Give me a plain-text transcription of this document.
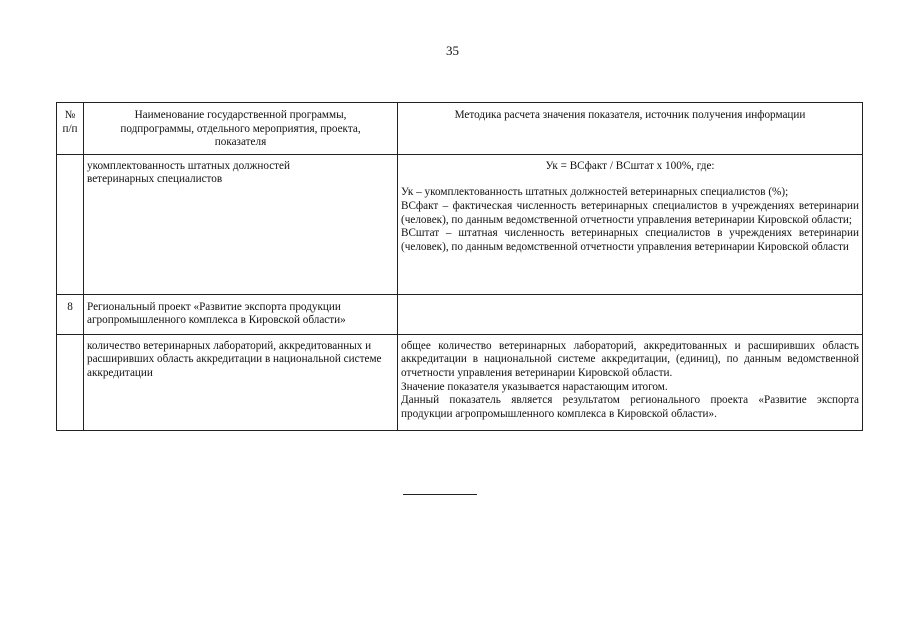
35
№ п/п	Наименование государственной программы, подпрограммы, отдельного мероприятия, проекта, показателя	Методика расчета значения показателя, источник получения информации
	укомплектованность штатных должностей ветеринарных специалистов	Ук = ВСфакт / ВСштат х 100%, где:
Ук – укомплектованность штатных должностей ветеринарных специалистов (%);
ВСфакт – фактическая численность ветеринарных специалистов в учреждениях ветеринарии (человек), по данным ведомственной отчетности управления ветеринарии Кировской области;
ВСштат – штатная численность ветеринарных специалистов в учреждениях ветеринарии (человек), по данным ведомственной отчетности управления ветеринарии Кировской области

8	Региональный проект «Развитие экспорта продукции агропромышленного комплекса в Кировской области»	
	количество ветеринарных лабораторий, аккредитованных и расширивших область аккредитации в национальной системе аккредитации	общее количество ветеринарных лабораторий, аккредитованных и расширивших область аккредитации в национальной системе аккредитации, (единиц), по данным ведомственной отчетности управления ветеринарии Кировской области.
Значение показателя указывается нарастающим итогом.
Данный показатель является результатом регионального проекта «Развитие экспорта продукции агропромышленного комплекса в Кировской области».
